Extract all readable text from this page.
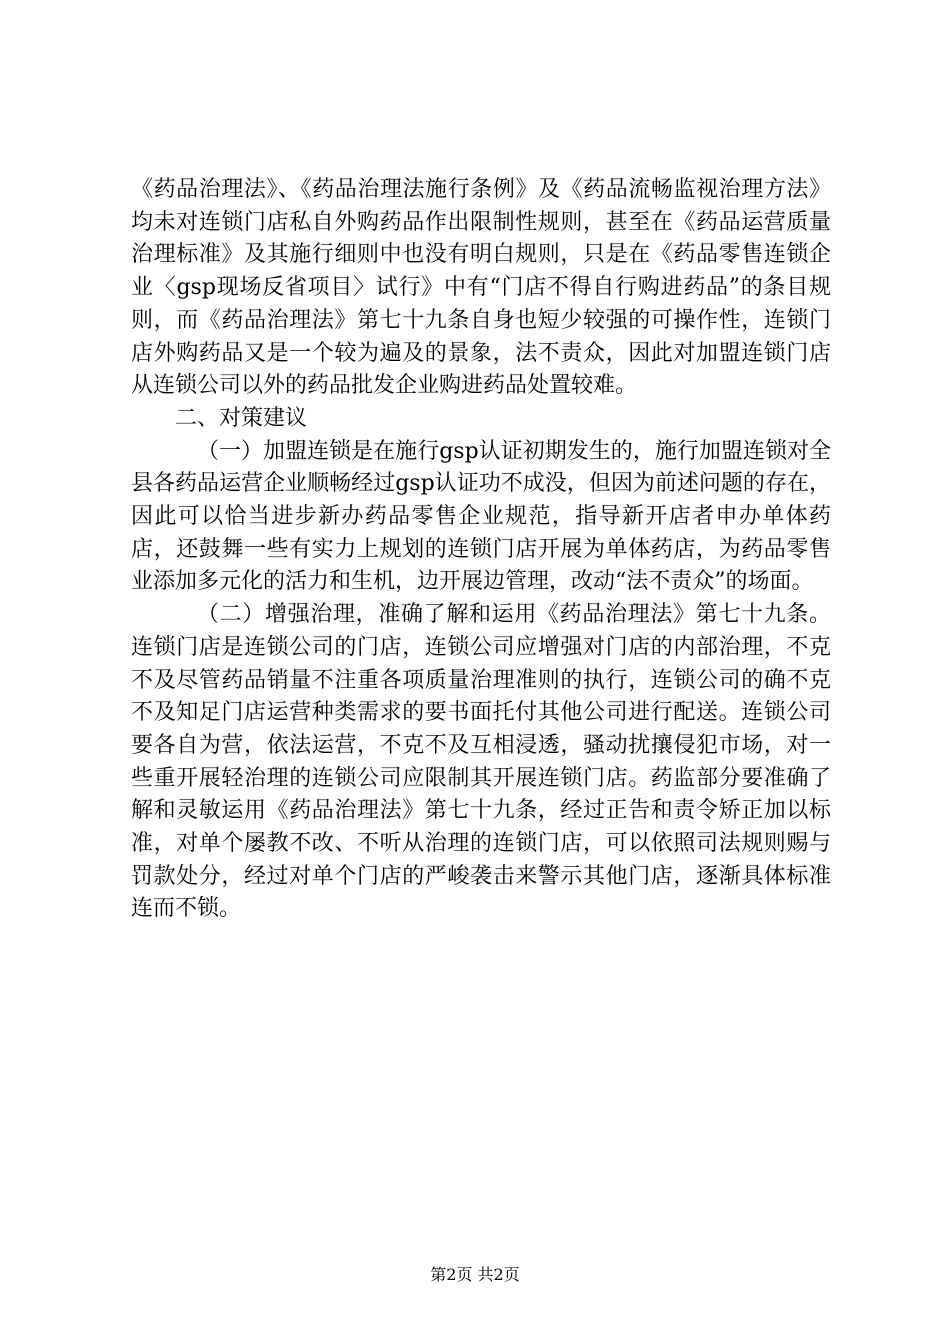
《药品治理法》、《药品治理法施行条例》及《药品流畅监视治理方法》均未对连锁门店私自外购药品作出限制性规则，甚至在《药品运营质量治理标准》及其施行细则中也没有明白规则，只是在《药品零售连锁企业〈gsp现场反省项目〉试行》中有“门店不得自行购进药品”的条目规则，而《药品治理法》第七十九条自身也短少较强的可操作性，连锁门店外购药品又是一个较为遍及的景象，法不责众，因此对加盟连锁门店从连锁公司以外的药品批发企业购进药品处置较难。

二、对策建议

（一）加盟连锁是在施行gsp认证初期发生的，施行加盟连锁对全县各药品运营企业顺畅经过gsp认证功不成没，但因为前述问题的存在，因此可以恰当进步新办药品零售企业规范，指导新开店者申办单体药店，还鼓舞一些有实力上规划的连锁门店开展为单体药店，为药品零售业添加多元化的活力和生机，边开展边管理，改动“法不责众”的场面。

（二）增强治理，准确了解和运用《药品治理法》第七十九条。连锁门店是连锁公司的门店，连锁公司应增强对门店的内部治理，不克不及尽管药品销量不注重各项质量治理准则的执行，连锁公司的确不克不及知足门店运营种类需求的要书面托付其他公司进行配送。连锁公司要各自为营，依法运营，不克不及互相浸透，骚动扰攘侵犯市场，对一些重开展轻治理的连锁公司应限制其开展连锁门店。药监部分要准确了解和灵敏运用《药品治理法》第七十九条，经过正告和责令矫正加以标准，对单个屡教不改、不听从治理的连锁门店，可以依照司法规则赐与罚款处分，经过对单个门店的严峻袭击来警示其他门店，逐渐具体标准连而不锁。

第2页 共2页
